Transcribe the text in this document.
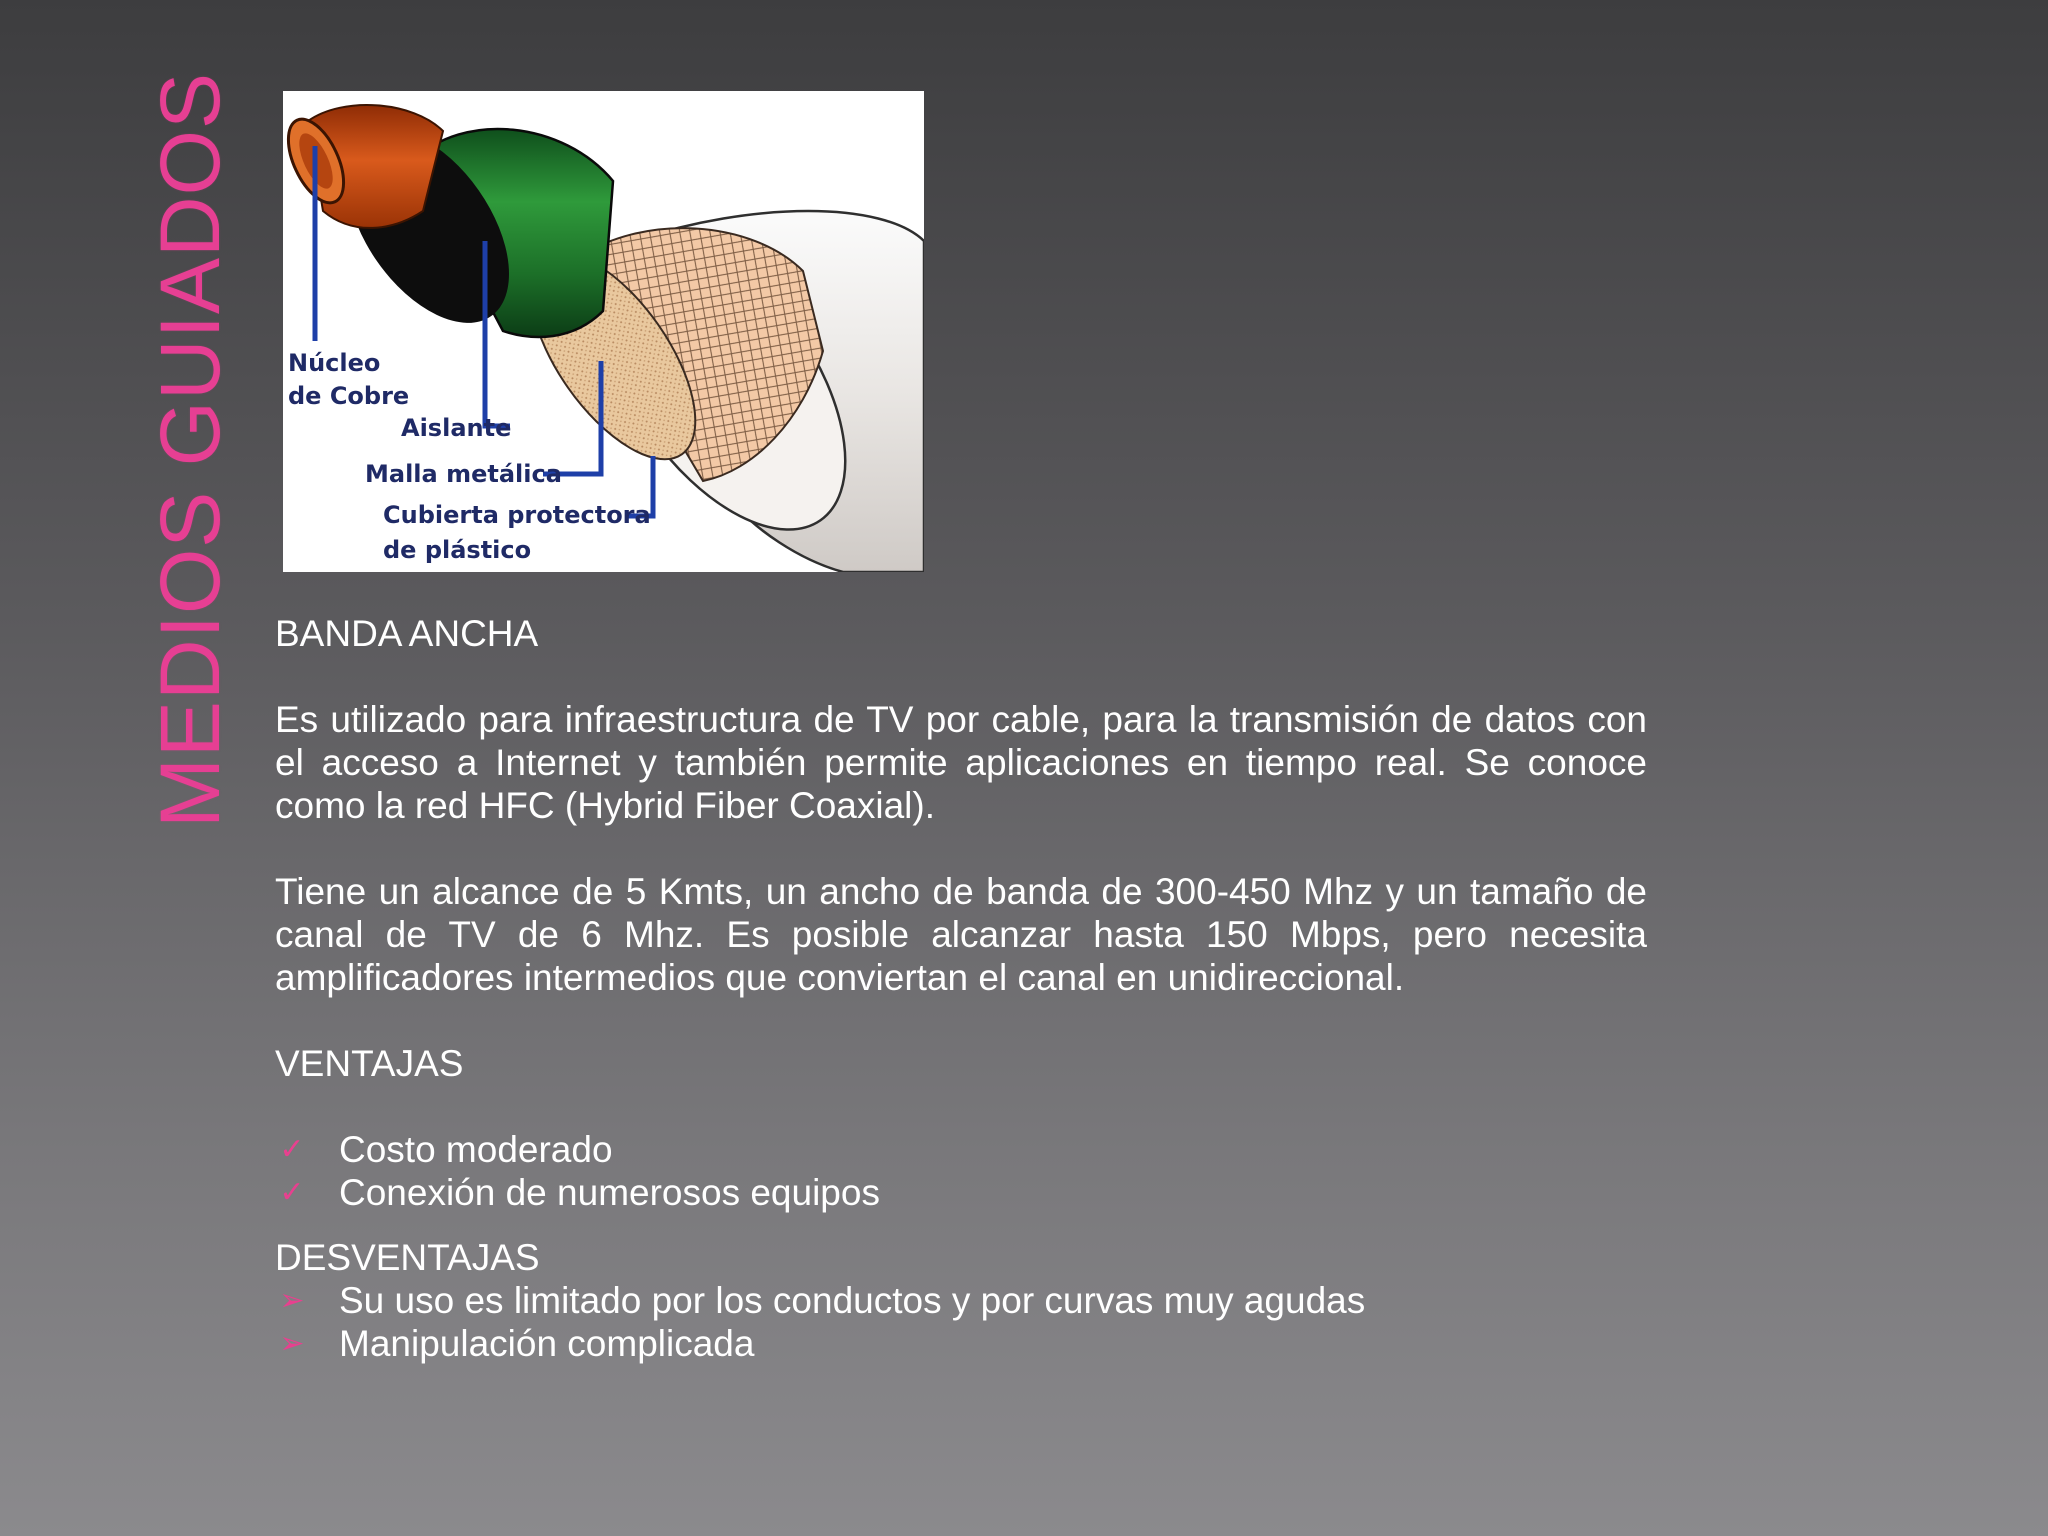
MEDIOS GUIADOS Núcleo
de Cobre
Aislante
Malla metálica
Cubierta protectora
de plástico

BANDA ANCHA

Es utilizado para infraestructura de TV por cable, para la transmisión de datos con el acceso a Internet y también permite aplicaciones en tiempo real. Se conoce como la red HFC (Hybrid Fiber Coaxial).

Tiene un alcance de 5 Kmts, un ancho de banda de 300-450 Mhz y un tamaño de canal de TV de 6 Mhz. Es posible alcanzar hasta 150 Mbps, pero necesita amplificadores intermedios que conviertan el canal en unidireccional.

VENTAJAS

✓ Costo moderado
✓ Conexión de numerosos equipos

DESVENTAJAS

➢ Su uso es limitado por los conductos y por curvas muy agudas
➢ Manipulación complicada
